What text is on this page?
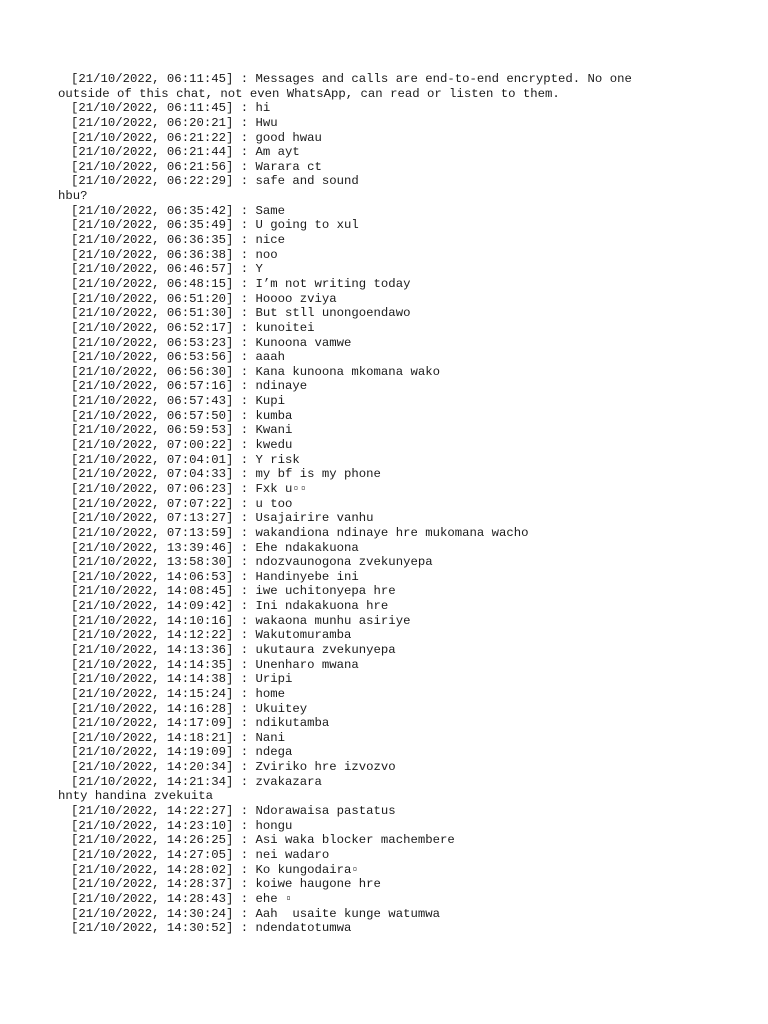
[21/10/2022, 06:11:45] : Messages and calls are end-to-end encrypted. No one
outside of this chat, not even WhatsApp, can read or listen to them.
[21/10/2022, 06:11:45] : hi
[21/10/2022, 06:20:21] : Hwu
[21/10/2022, 06:21:22] : good hwau
[21/10/2022, 06:21:44] : Am ayt
[21/10/2022, 06:21:56] : Warara ct
[21/10/2022, 06:22:29] : safe and sound
hbu?
[21/10/2022, 06:35:42] : Same
[21/10/2022, 06:35:49] : U going to xul
[21/10/2022, 06:36:35] : nice
[21/10/2022, 06:36:38] : noo
[21/10/2022, 06:46:57] : Y
[21/10/2022, 06:48:15] : I’m not writing today
[21/10/2022, 06:51:20] : Hoooo zviya
[21/10/2022, 06:51:30] : But stll unongoendawo
[21/10/2022, 06:52:17] : kunoitei
[21/10/2022, 06:53:23] : Kunoona vamwe
[21/10/2022, 06:53:56] : aaah
[21/10/2022, 06:56:30] : Kana kunoona mkomana wako
[21/10/2022, 06:57:16] : ndinaye
[21/10/2022, 06:57:43] : Kupi
[21/10/2022, 06:57:50] : kumba
[21/10/2022, 06:59:53] : Kwani
[21/10/2022, 07:00:22] : kwedu
[21/10/2022, 07:04:01] : Y risk
[21/10/2022, 07:04:33] : my bf is my phone
[21/10/2022, 07:06:23] : Fxk u▫▫
[21/10/2022, 07:07:22] : u too
[21/10/2022, 07:13:27] : Usajairire vanhu
[21/10/2022, 07:13:59] : wakandiona ndinaye hre mukomana wacho
[21/10/2022, 13:39:46] : Ehe ndakakuona
[21/10/2022, 13:58:30] : ndozvaunogona zvekunyepa
[21/10/2022, 14:06:53] : Handinyebe ini
[21/10/2022, 14:08:45] : iwe uchitonyepa hre
[21/10/2022, 14:09:42] : Ini ndakakuona hre
[21/10/2022, 14:10:16] : wakaona munhu asiriye
[21/10/2022, 14:12:22] : Wakutomuramba
[21/10/2022, 14:13:36] : ukutaura zvekunyepa
[21/10/2022, 14:14:35] : Unenharo mwana
[21/10/2022, 14:14:38] : Uripi
[21/10/2022, 14:15:24] : home
[21/10/2022, 14:16:28] : Ukuitey
[21/10/2022, 14:17:09] : ndikutamba
[21/10/2022, 14:18:21] : Nani
[21/10/2022, 14:19:09] : ndega
[21/10/2022, 14:20:34] : Zviriko hre izvozvo
[21/10/2022, 14:21:34] : zvakazara
hnty handina zvekuita
[21/10/2022, 14:22:27] : Ndorawaisa pastatus
[21/10/2022, 14:23:10] : hongu
[21/10/2022, 14:26:25] : Asi waka blocker machembere
[21/10/2022, 14:27:05] : nei wadaro
[21/10/2022, 14:28:02] : Ko kungodaira▫
[21/10/2022, 14:28:37] : koiwe haugone hre
[21/10/2022, 14:28:43] : ehe ▫
[21/10/2022, 14:30:24] : Aah  usaite kunge watumwa
[21/10/2022, 14:30:52] : ndendatotumwa
